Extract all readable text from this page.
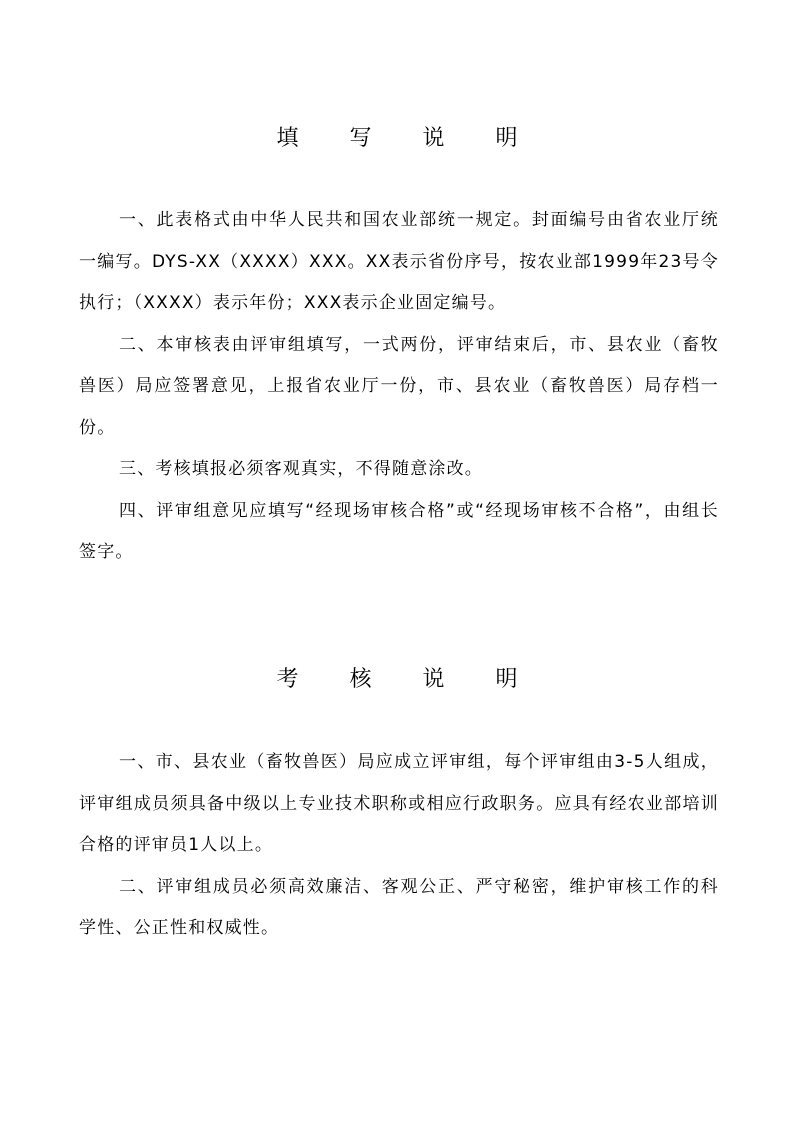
填 写 说 明

一、此表格式由中华人民共和国农业部统一规定。封面编号由省农业厅统一编写。DYS-XX（XXXX）XXX。XX表示省份序号，按农业部1999年23号令执行；（XXXX）表示年份；XXX表示企业固定编号。

二、本审核表由评审组填写，一式两份，评审结束后，市、县农业（畜牧兽医）局应签署意见，上报省农业厅一份，市、县农业（畜牧兽医）局存档一份。

三、考核填报必须客观真实，不得随意涂改。

四、评审组意见应填写“经现场审核合格”或“经现场审核不合格”，由组长签字。

考 核 说 明

一、市、县农业（畜牧兽医）局应成立评审组，每个评审组由3-5人组成，评审组成员须具备中级以上专业技术职称或相应行政职务。应具有经农业部培训合格的评审员1人以上。

二、评审组成员必须高效廉洁、客观公正、严守秘密，维护审核工作的科学性、公正性和权威性。
